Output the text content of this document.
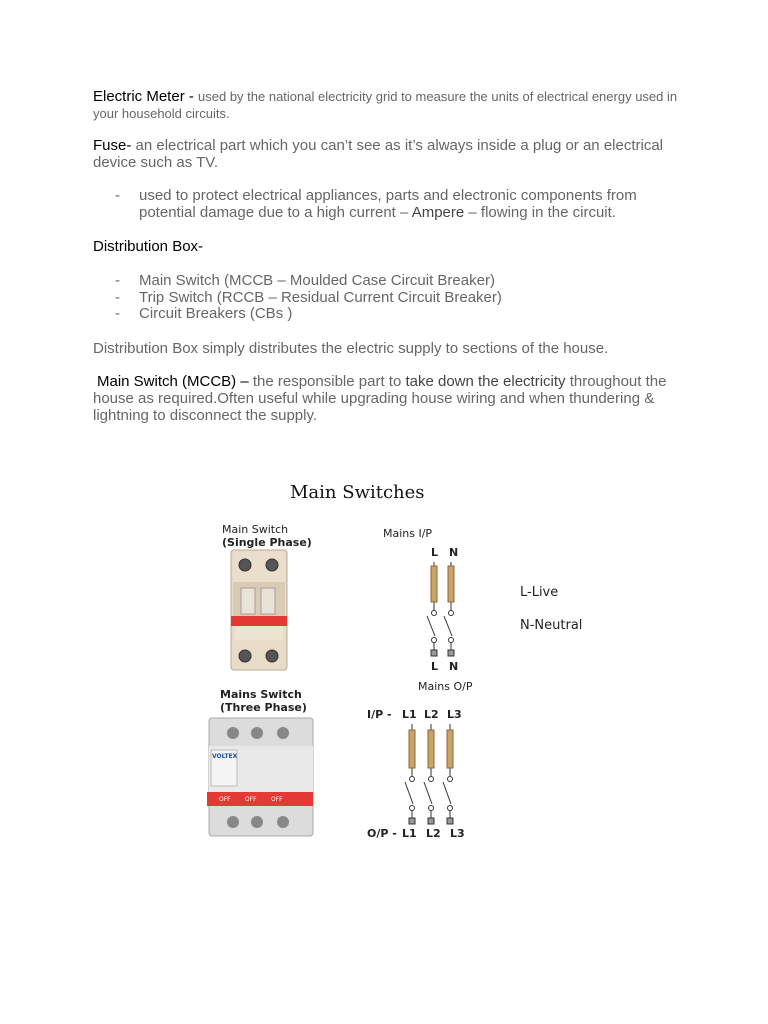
Electric Meter - used by the national electricity grid to measure the units of electrical energy used in your household circuits.
Fuse- an electrical part which you can’t see as it’s always inside a plug or an electrical device such as TV.
- used to protect electrical appliances, parts and electronic components from potential damage due to a high current – Ampere – flowing in the circuit.
Distribution Box-
- Main Switch (MCCB – Moulded Case Circuit Breaker)
- Trip Switch (RCCB – Residual Current Circuit Breaker)
- Circuit Breakers (CBs )
Distribution Box simply distributes the electric supply to sections of the house.
Main Switch (MCCB) – the responsible part to take down the electricity throughout the house as required.Often useful while upgrading house wiring and when thundering & lightning to disconnect the supply.
Main Switches
Main Switch
(Single Phase)
Mains Switch
(Three Phase)
Mains I/P
Mains O/P
L-Live
N-Neutral
VOLTEX
OFF OFF OFF
L N
L N
I/P - L1 L2 L3
O/P - L1 L2 L3
